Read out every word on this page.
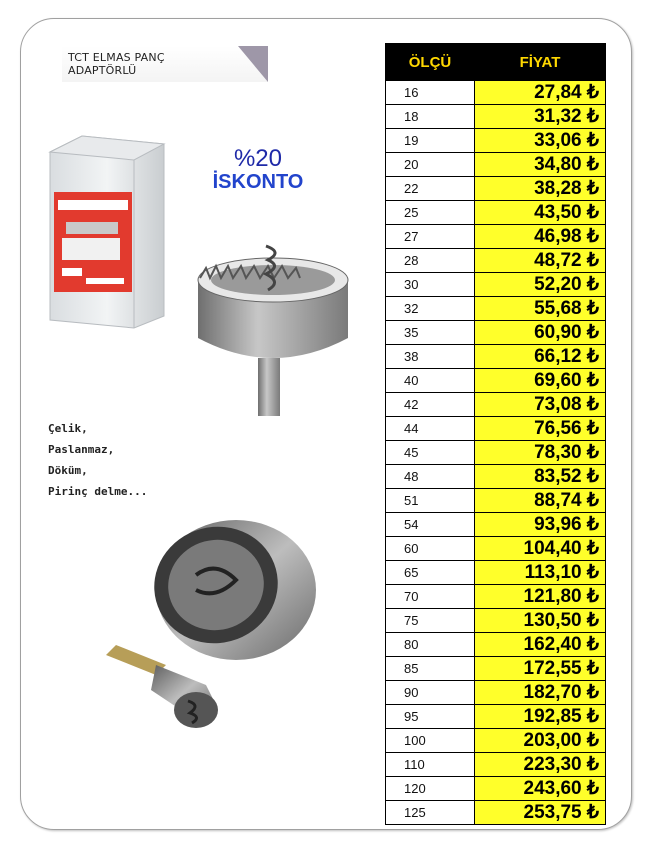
TCT ELMAS PANÇ
ADAPTÖRLÜ
Çelik,
Paslanmaz,
Döküm,
Pirinç delme...
%20
İSKONTO
ÖLÇÜ	FİYAT
16	27,84 ₺
18	31,32 ₺
19	33,06 ₺
20	34,80 ₺
22	38,28 ₺
25	43,50 ₺
27	46,98 ₺
28	48,72 ₺
30	52,20 ₺
32	55,68 ₺
35	60,90 ₺
38	66,12 ₺
40	69,60 ₺
42	73,08 ₺
44	76,56 ₺
45	78,30 ₺
48	83,52 ₺
51	88,74 ₺
54	93,96 ₺
60	104,40 ₺
65	113,10 ₺
70	121,80 ₺
75	130,50 ₺
80	162,40 ₺
85	172,55 ₺
90	182,70 ₺
95	192,85 ₺
100	203,00 ₺
110	223,30 ₺
120	243,60 ₺
125	253,75 ₺
